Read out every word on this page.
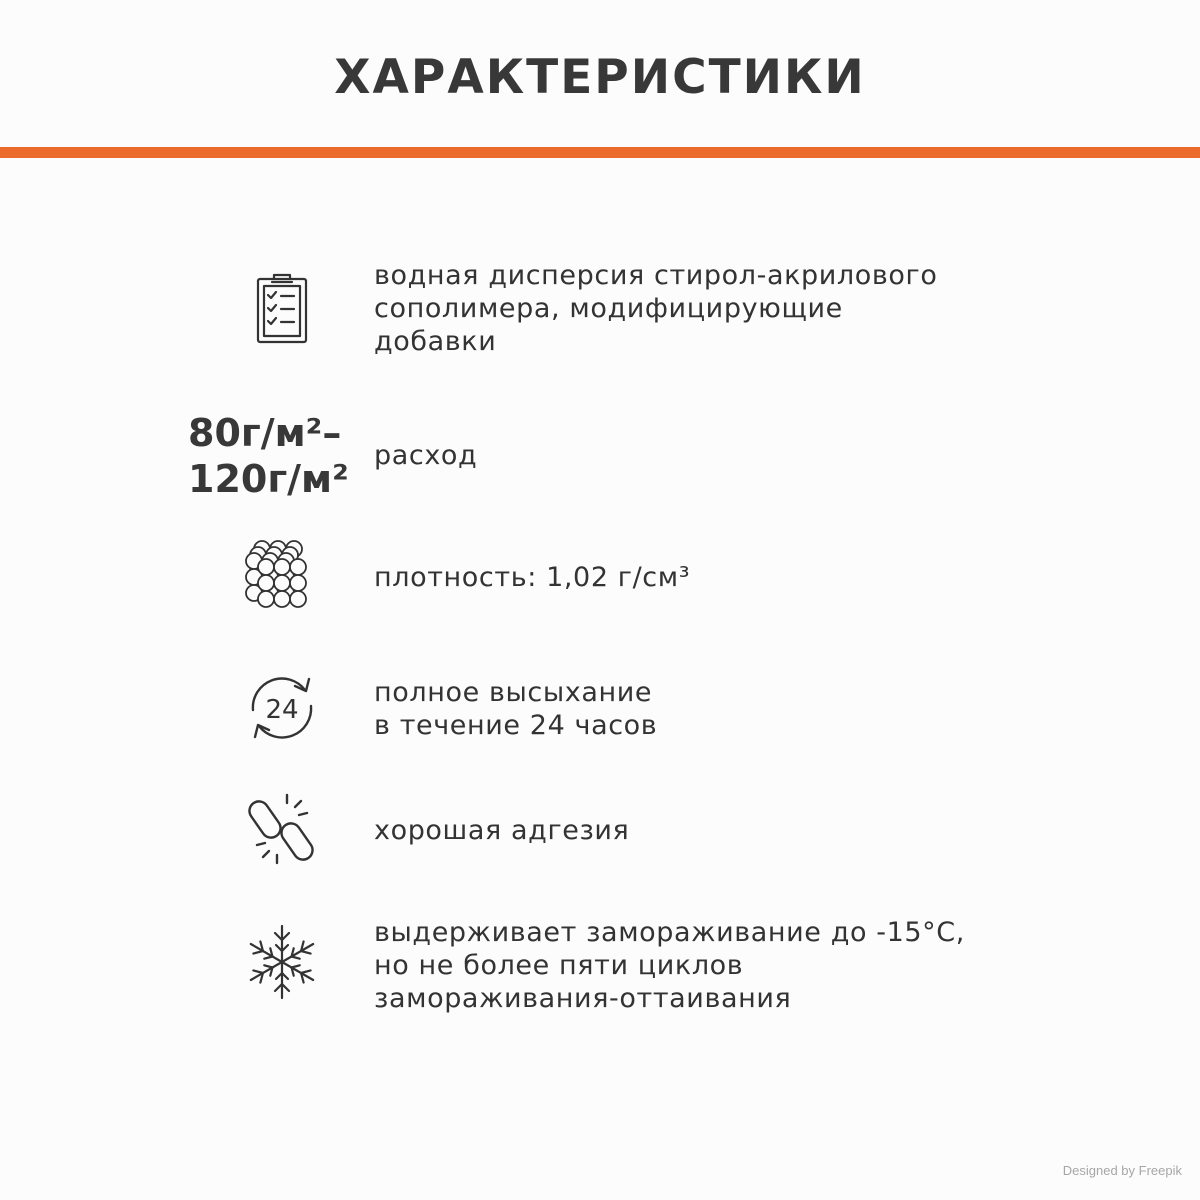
ХАРАКТЕРИСТИКИ

водная дисперсия стирол-акрилового
сополимера, модифицирующие
добавки

80г/м²–
120г/м²

расход

плотность: 1,02 г/см³

24

полное высыхание
в течение 24 часов

хорошая адгезия

выдерживает замораживание до -15°С,
но не более пяти циклов
замораживания-оттаивания

Designed by Freepik
